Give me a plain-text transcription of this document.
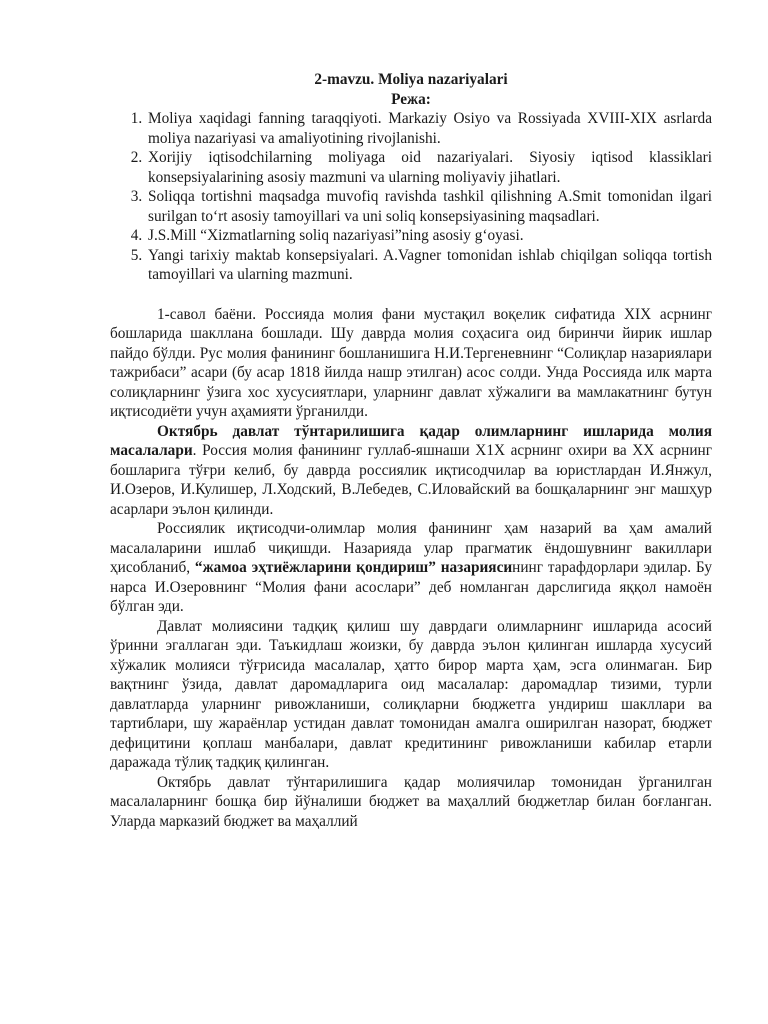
2-mavzu. Moliya nazariyalari

Режа:

1. Moliya xaqidagi fanning taraqqiyoti. Markaziy Osiyo va Rossiyada XVIII-XIX asrlarda moliya nazariyasi va amaliyotining rivojlanishi.
2. Xorijiy iqtisodchilarning moliyaga oid nazariyalari. Siyosiy iqtisod klassiklari konsepsiyalarining asosiy mazmuni va ularning moliyaviy jihatlari.
3. Soliqqa tortishni maqsadga muvofiq ravishda tashkil qilishning A.Smit tomonidan ilgari surilgan to‘rt asosiy tamoyillari va uni soliq konsepsiyasining maqsadlari.
4. J.S.Mill “Xizmatlarning soliq nazariyasi”ning asosiy g‘oyasi.
5. Yangi tarixiy maktab konsepsiyalari. A.Vagner tomonidan ishlab chiqilgan soliqqa tortish tamoyillari va ularning mazmuni.

1-савол баёни. Россияда молия фани мустақил воқелик сифатида XIX асрнинг бошларида шакллана бошлади. Шу даврда молия соҳасига оид биринчи йирик ишлар пайдо бўлди. Рус молия фанининг бошланишига Н.И.Тергеневнинг “Солиқлар назариялари тажрибаси” асари (бу асар 1818 йилда нашр этилган) асос солди. Унда Россияда илк марта солиқларнинг ўзига хос хусусиятлари, уларнинг давлат хўжалиги ва мамлакатнинг бутун иқтисодиёти учун аҳамияти ўрганилди.

Октябрь давлат тўнтарилишига қадар олимларнинг ишларида молия масалалари. Россия молия фанининг гуллаб-яшнаши Х1Х асрнинг охири ва ХХ асрнинг бошларига тўғри келиб, бу даврда россиялик иқтисодчилар ва юристлардан И.Янжул, И.Озеров, И.Кулишер, Л.Ходский, В.Лебедев, С.Иловайский ва бошқаларнинг энг машҳур асарлари эълон қилинди.

Россиялик иқтисодчи-олимлар молия фанининг ҳам назарий ва ҳам амалий масалаларини ишлаб чиқишди. Назарияда улар прагматик ёндошувнинг вакиллари ҳисобланиб, “жамоа эҳтиёжларини қондириш” назариясининг тарафдорлари эдилар. Бу нарса И.Озеровнинг “Молия фани асослари” деб номланган дарслигида яққол намоён бўлган эди.

Давлат молиясини тадқиқ қилиш шу даврдаги олимларнинг ишларида асосий ўринни эгаллаган эди. Таъкидлаш жоизки, бу даврда эълон қилинган ишларда хусусий хўжалик молияси тўғрисида масалалар, ҳатто бирор марта ҳам, эсга олинмаган. Бир вақтнинг ўзида, давлат даромадларига оид масалалар: даромадлар тизими, турли давлатларда уларнинг ривожланиши, солиқларни бюджетга ундириш шакллари ва тартиблари, шу жараёнлар устидан давлат томонидан амалга оширилган назорат, бюджет дефицитини қоплаш манбалари, давлат кредитининг ривожланиши кабилар етарли даражада тўлиқ тадқиқ қилинган.

Октябрь давлат тўнтарилишига қадар молиячилар томонидан ўрганилган масалаларнинг бошқа бир йўналиши бюджет ва маҳаллий бюджетлар билан боғланган. Уларда марказий бюджет ва маҳаллий
